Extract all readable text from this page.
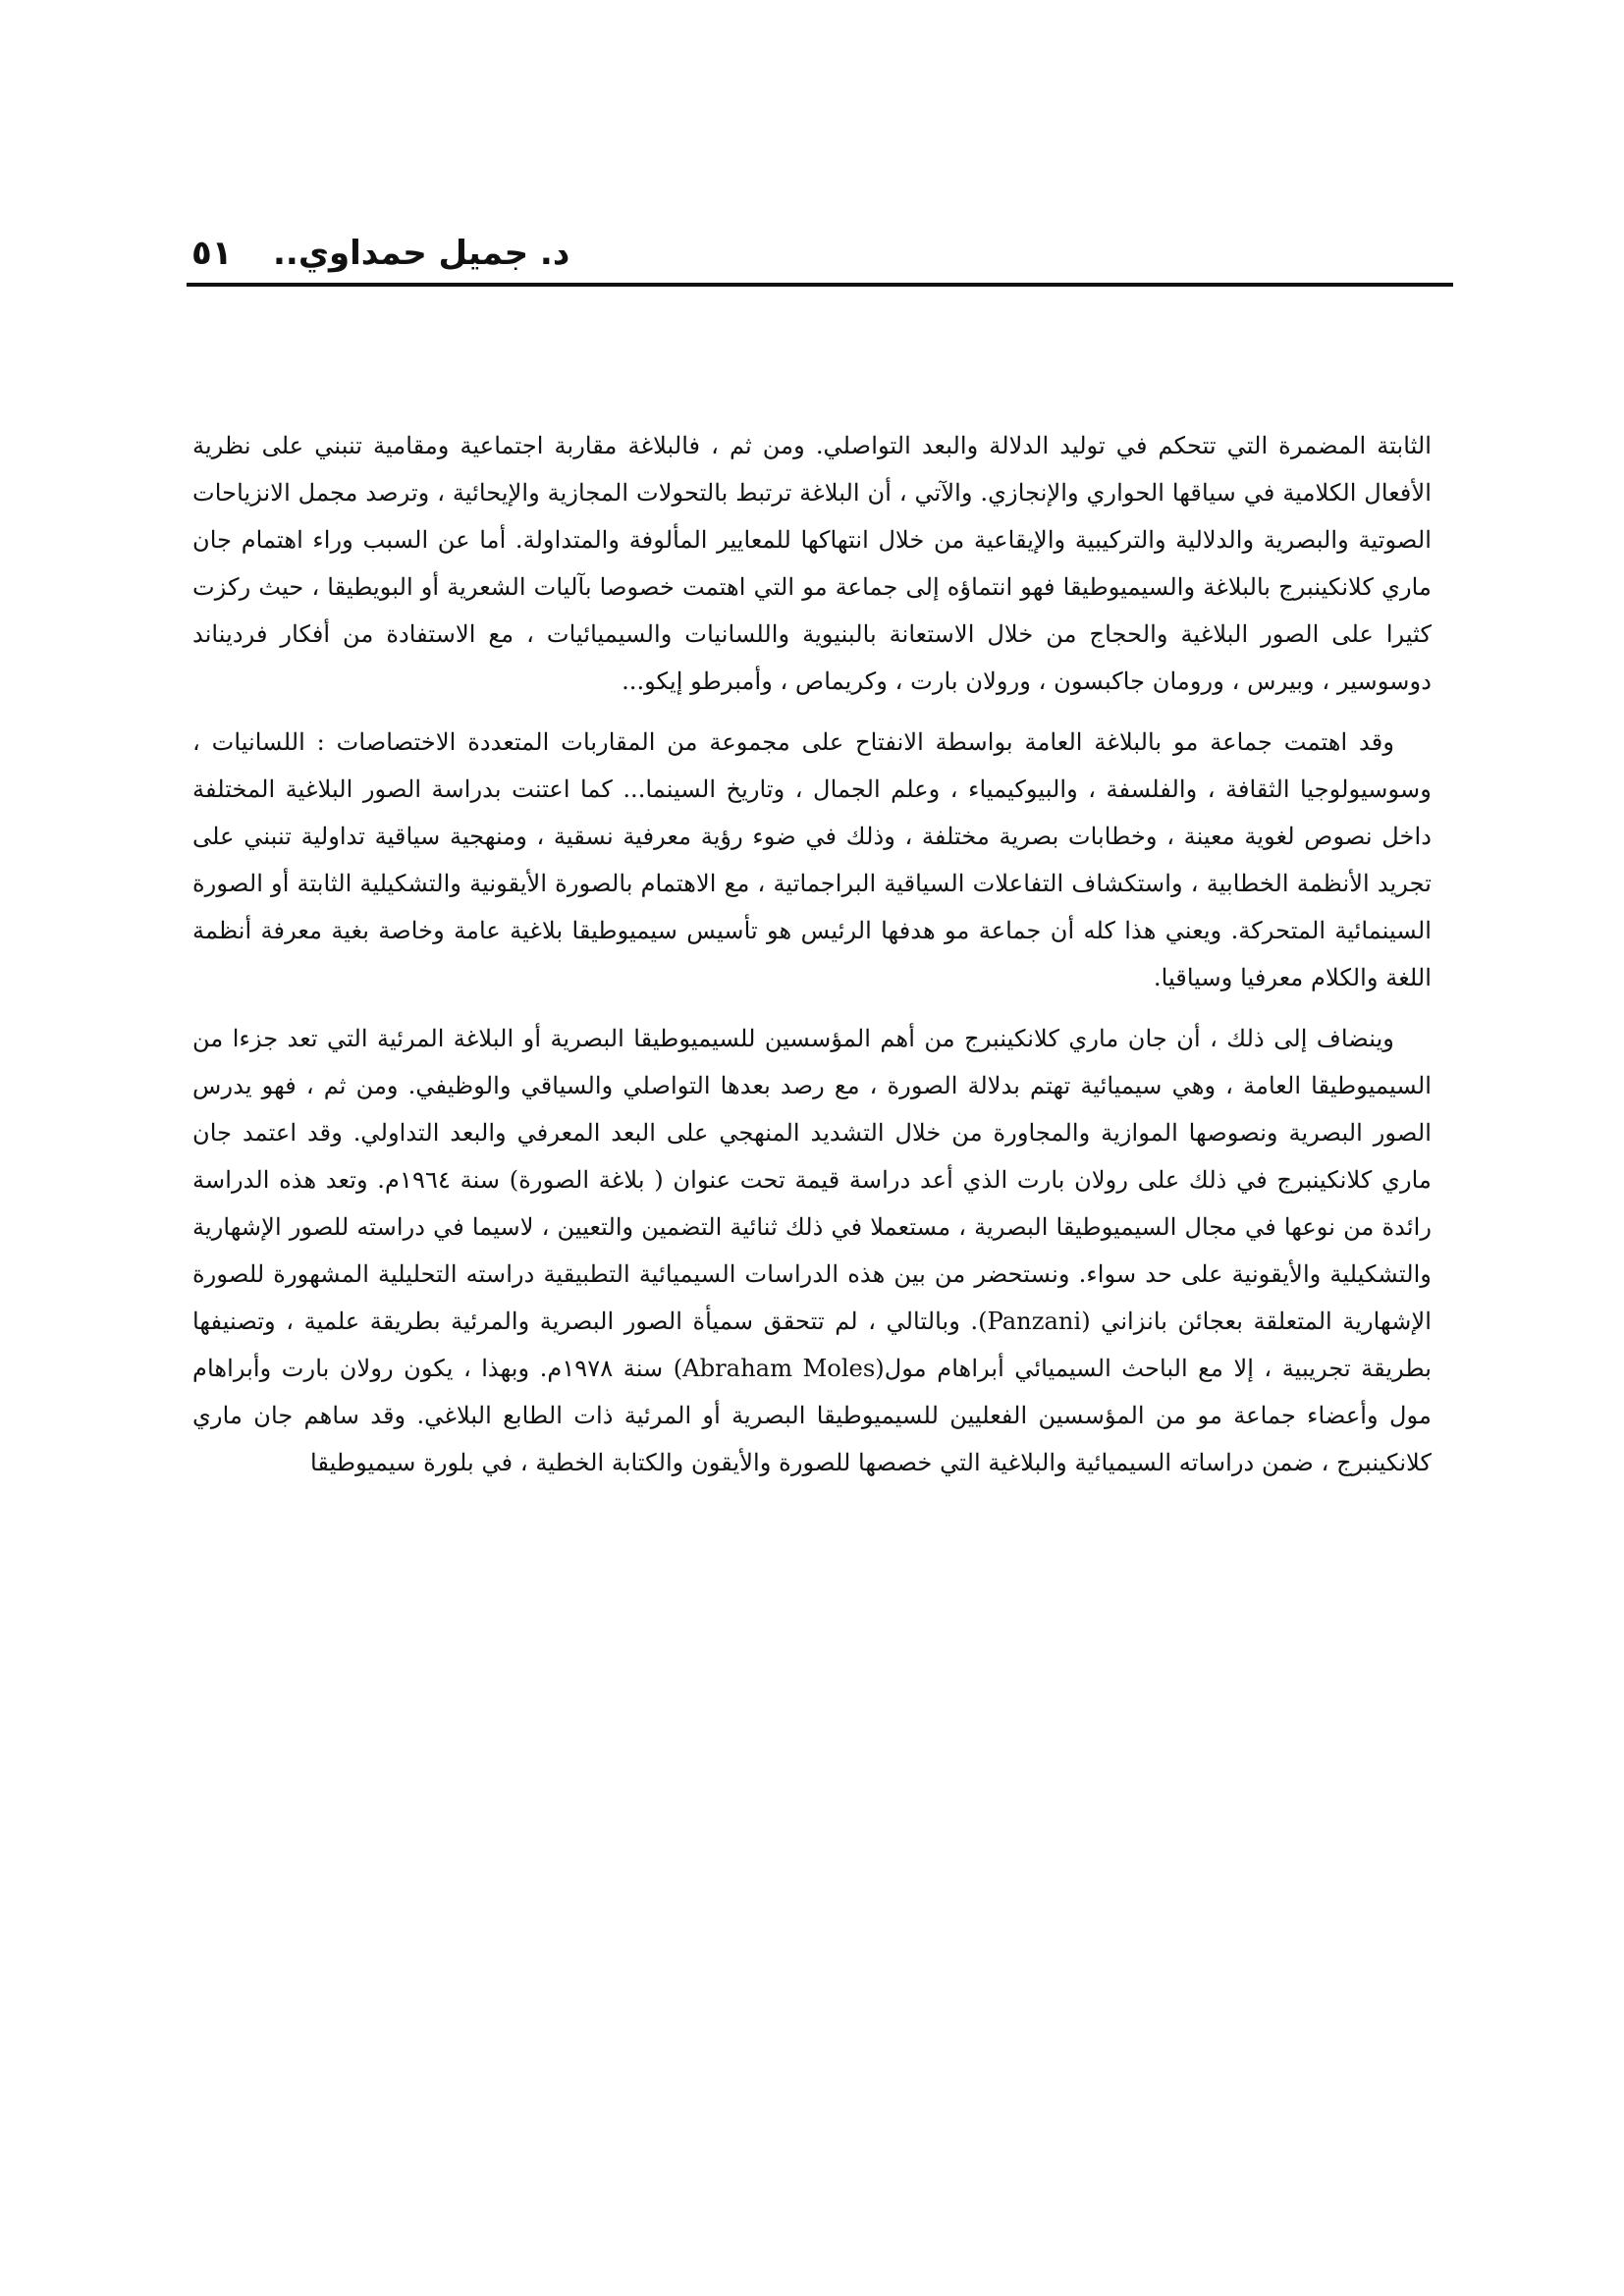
٥١ د. جميل حمداوي..

الثابتة المضمرة التي تتحكم في توليد الدلالة والبعد التواصلي. ومن ثم ، فالبلاغة مقاربة اجتماعية ومقامية تنبني على نظرية الأفعال الكلامية في سياقها الحواري والإنجازي. والآتي ، أن البلاغة ترتبط بالتحولات المجازية والإيحائية ، وترصد مجمل الانزياحات الصوتية والبصرية والدلالية والتركيبية والإيقاعية من خلال انتهاكها للمعايير المألوفة والمتداولة. أما عن السبب وراء اهتمام جان ماري كلانكينبرج بالبلاغة والسيميوطيقا فهو انتماؤه إلى جماعة مو التي اهتمت خصوصا بآليات الشعرية أو البويطيقا ، حيث ركزت كثيرا على الصور البلاغية والحجاج من خلال الاستعانة بالبنيوية واللسانيات والسيميائيات ، مع الاستفادة من أفكار فرديناند دوسوسير ، وبيرس ، ورومان جاكبسون ، ورولان بارت ، وكريماص ، وأمبرطو إيكو...

وقد اهتمت جماعة مو بالبلاغة العامة بواسطة الانفتاح على مجموعة من المقاربات المتعددة الاختصاصات : اللسانيات ، وسوسيولوجيا الثقافة ، والفلسفة ، والبيوكيمياء ، وعلم الجمال ، وتاريخ السينما... كما اعتنت بدراسة الصور البلاغية المختلفة داخل نصوص لغوية معينة ، وخطابات بصرية مختلفة ، وذلك في ضوء رؤية معرفية نسقية ، ومنهجية سياقية تداولية تنبني على تجريد الأنظمة الخطابية ، واستكشاف التفاعلات السياقية البراجماتية ، مع الاهتمام بالصورة الأيقونية والتشكيلية الثابتة أو الصورة السينمائية المتحركة. ويعني هذا كله أن جماعة مو هدفها الرئيس هو تأسيس سيميوطيقا بلاغية عامة وخاصة بغية معرفة أنظمة اللغة والكلام معرفيا وسياقيا.

وينضاف إلى ذلك ، أن جان ماري كلانكينبرج من أهم المؤسسين للسيميوطيقا البصرية أو البلاغة المرئية التي تعد جزءا من السيميوطيقا العامة ، وهي سيميائية تهتم بدلالة الصورة ، مع رصد بعدها التواصلي والسياقي والوظيفي. ومن ثم ، فهو يدرس الصور البصرية ونصوصها الموازية والمجاورة من خلال التشديد المنهجي على البعد المعرفي والبعد التداولي. وقد اعتمد جان ماري كلانكينبرج في ذلك على رولان بارت الذي أعد دراسة قيمة تحت عنوان ( بلاغة الصورة) سنة ١٩٦٤م. وتعد هذه الدراسة رائدة من نوعها في مجال السيميوطيقا البصرية ، مستعملا في ذلك ثنائية التضمين والتعيين ، لاسيما في دراسته للصور الإشهارية والتشكيلية والأيقونية على حد سواء. ونستحضر من بين هذه الدراسات السيميائية التطبيقية دراسته التحليلية المشهورة للصورة الإشهارية المتعلقة بعجائن بانزاني (Panzani). وبالتالي ، لم تتحقق سميأة الصور البصرية والمرئية بطريقة علمية ، وتصنيفها بطريقة تجريبية ، إلا مع الباحث السيميائي أبراهام مول(Abraham Moles) سنة ١٩٧٨م. وبهذا ، يكون رولان بارت وأبراهام مول وأعضاء جماعة مو من المؤسسين الفعليين للسيميوطيقا البصرية أو المرئية ذات الطابع البلاغي. وقد ساهم جان ماري كلانكينبرج ، ضمن دراساته السيميائية والبلاغية التي خصصها للصورة والأيقون والكتابة الخطية ، في بلورة سيميوطيقا
